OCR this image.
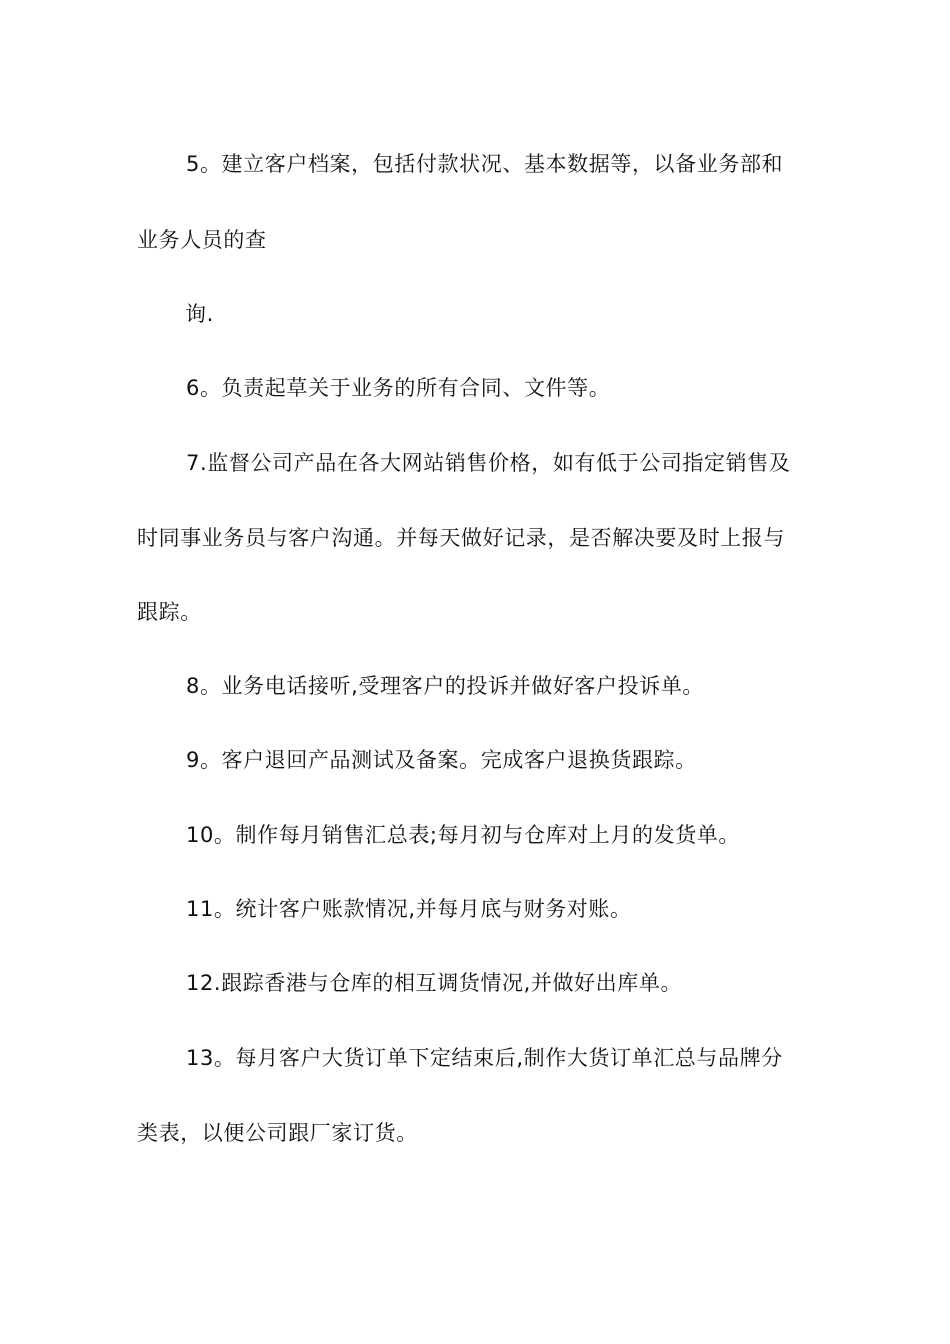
5。建立客户档案，包括付款状况、基本数据等，以备业务部和
业务人员的查
询.
6。负责起草关于业务的所有合同、文件等。
7.监督公司产品在各大网站销售价格，如有低于公司指定销售及
时同事业务员与客户沟通。并每天做好记录，是否解决要及时上报与
跟踪。
8。业务电话接听,受理客户的投诉并做好客户投诉单。
9。客户退回产品测试及备案。完成客户退换货跟踪。
10。制作每月销售汇总表;每月初与仓库对上月的发货单。
11。统计客户账款情况,并每月底与财务对账。
12.跟踪香港与仓库的相互调货情况,并做好出库单。
13。每月客户大货订单下定结束后,制作大货订单汇总与品牌分
类表，以便公司跟厂家订货。
